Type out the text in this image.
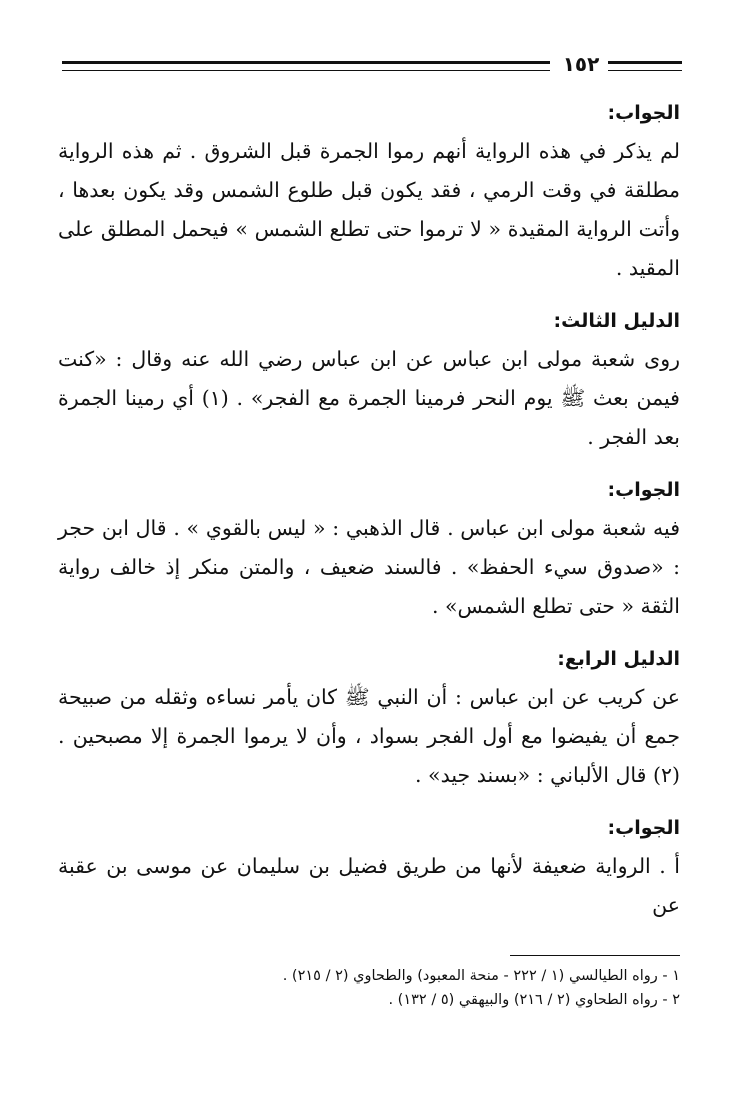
١٥٢

الجواب:

لم يذكر في هذه الرواية أنهم رموا الجمرة قبل الشروق . ثم هذه الرواية مطلقة في وقت الرمي ، فقد يكون قبل طلوع الشمس وقد يكون بعدها ، وأتت الرواية المقيدة « لا ترموا حتى تطلع الشمس » فيحمل المطلق على المقيد .

الدليل الثالث:

روى شعبة مولى ابن عباس عن ابن عباس رضي الله عنه وقال : «كنت فيمن بعث ﷺ يوم النحر فرمينا الجمرة مع الفجر» . (١) أي رمينا الجمرة بعد الفجر .

الجواب:

فيه شعبة مولى ابن عباس . قال الذهبي : « ليس بالقوي » . قال ابن حجر : «صدوق سيء الحفظ» . فالسند ضعيف ، والمتن منكر إذ خالف رواية الثقة « حتى تطلع الشمس» .

الدليل الرابع:

عن كريب عن ابن عباس : أن النبي ﷺ كان يأمر نساءه وثقله من صبيحة جمع أن يفيضوا مع أول الفجر بسواد ، وأن لا يرموا الجمرة إلا مصبحين . (٢) قال الألباني : «بسند جيد» .

الجواب:

أ . الرواية ضعيفة لأنها من طريق فضيل بن سليمان عن موسى بن عقبة عن

١ - رواه الطيالسي (١ / ٢٢٢ - منحة المعبود) والطحاوي (٢ / ٢١٥) .

٢ - رواه الطحاوي (٢ / ٢١٦) والبيهقي (٥ / ١٣٢) .
